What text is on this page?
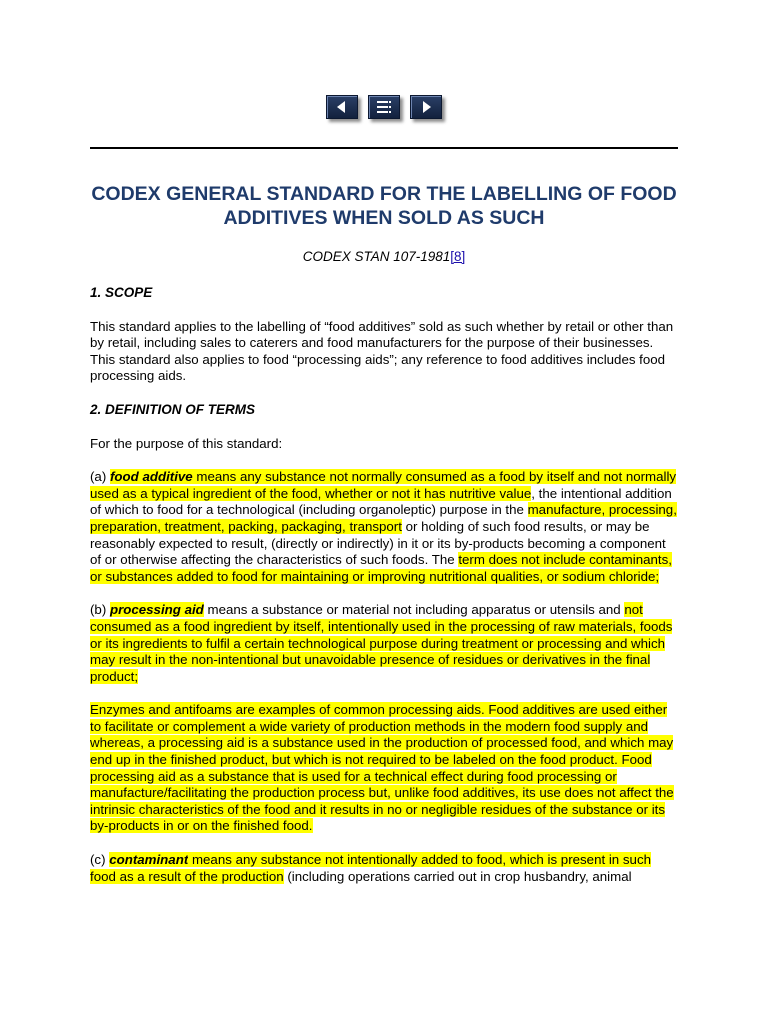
CODEX GENERAL STANDARD FOR THE LABELLING OF FOOD ADDITIVES WHEN SOLD AS SUCH

CODEX STAN 107-1981[8]

1. SCOPE

This standard applies to the labelling of “food additives” sold as such whether by retail or other than by retail, including sales to caterers and food manufacturers for the purpose of their businesses. This standard also applies to food “processing aids”; any reference to food additives includes food processing aids.

2. DEFINITION OF TERMS

For the purpose of this standard:

(a) food additive means any substance not normally consumed as a food by itself and not normally used as a typical ingredient of the food, whether or not it has nutritive value, the intentional addition of which to food for a technological (including organoleptic) purpose in the manufacture, processing, preparation, treatment, packing, packaging, transport or holding of such food results, or may be reasonably expected to result, (directly or indirectly) in it or its by-products becoming a component of or otherwise affecting the characteristics of such foods. The term does not include contaminants, or substances added to food for maintaining or improving nutritional qualities, or sodium chloride;

(b) processing aid means a substance or material not including apparatus or utensils and not consumed as a food ingredient by itself, intentionally used in the processing of raw materials, foods or its ingredients to fulfil a certain technological purpose during treatment or processing and which may result in the non-intentional but unavoidable presence of residues or derivatives in the final product;

Enzymes and antifoams are examples of common processing aids. Food additives are used either to facilitate or complement a wide variety of production methods in the modern food supply and whereas, a processing aid is a substance used in the production of processed food, and which may end up in the finished product, but which is not required to be labeled on the food product. Food processing aid as a substance that is used for a technical effect during food processing or manufacture/facilitating the production process but, unlike food additives, its use does not affect the intrinsic characteristics of the food and it results in no or negligible residues of the substance or its by-products in or on the finished food.

(c) contaminant means any substance not intentionally added to food, which is present in such food as a result of the production (including operations carried out in crop husbandry, animal
